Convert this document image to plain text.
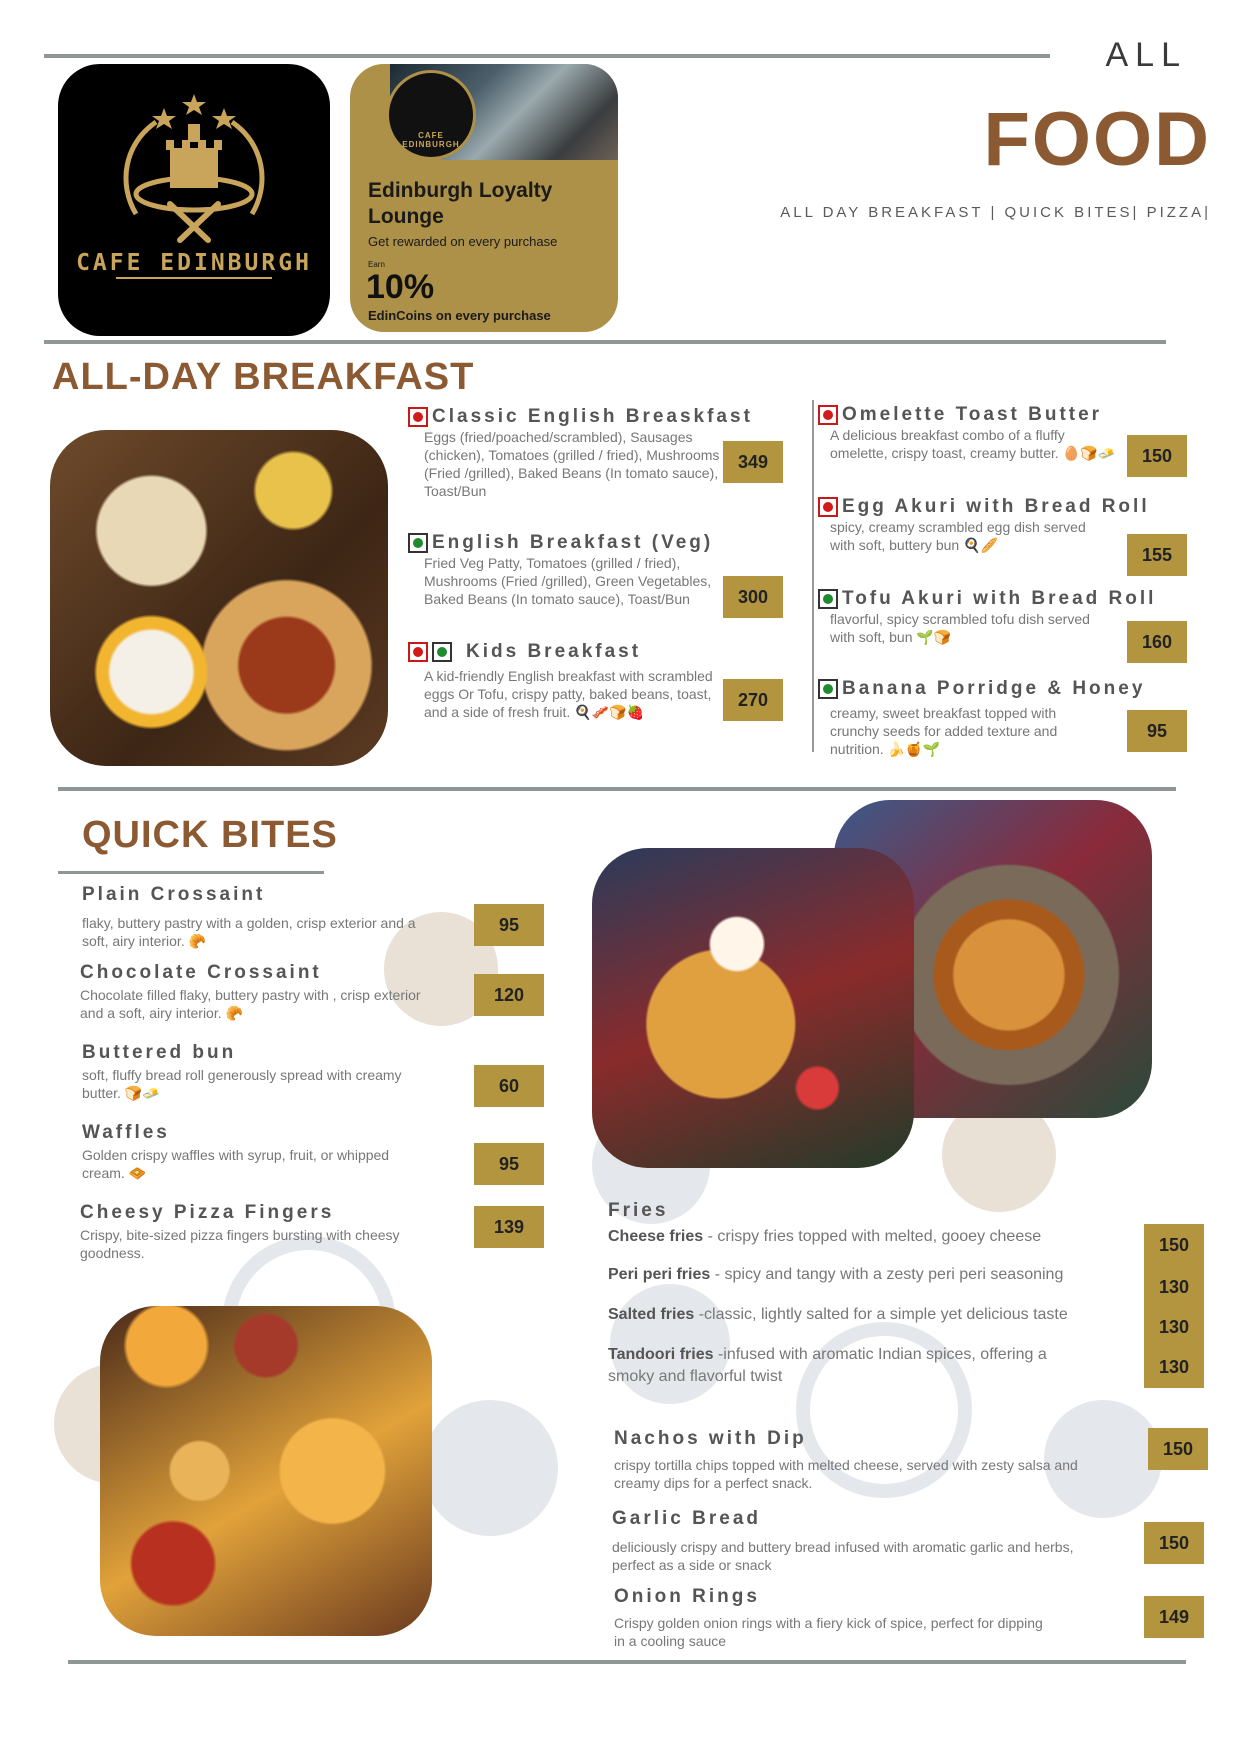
CAFE EDINBURGH
CAFE EDINBURGH
Edinburgh Loyalty Lounge
Get rewarded on every purchase
Earn
10%
EdinCoins on every purchase
ALL
FOOD
ALL DAY BREAKFAST | QUICK BITES| PIZZA|
ALL-DAY BREAKFAST
Classic English Breaskfast
Eggs (fried/poached/scrambled), Sausages (chicken), Tomatoes (grilled / fried), Mushrooms (Fried /grilled), Baked Beans (In tomato sauce), Toast/Bun
349
English Breakfast (Veg)
Fried Veg Patty, Tomatoes (grilled / fried), Mushrooms (Fried /grilled), Green Vegetables, Baked Beans (In tomato sauce), Toast/Bun	300
Kids Breakfast
A kid-friendly English breakfast with scrambled eggs Or Tofu, crispy patty, baked beans, toast, and a side of fresh fruit. 🍳🥓🍞🍓
270
Omelette Toast Butter
A delicious breakfast combo of a fluffy omelette, crispy toast, creamy butter. 🥚🍞🧈	150
Egg Akuri with Bread Roll
spicy, creamy scrambled egg dish served with soft, buttery bun 🍳🥖	155
Tofu Akuri with Bread Roll
flavorful, spicy scrambled tofu dish served with soft, bun 🌱🍞	160
Banana Porridge & Honey
creamy, sweet breakfast topped with crunchy seeds for added texture and nutrition. 🍌🍯🌱
95
QUICK BITES
Plain Crossaint
flaky, buttery pastry with a golden, crisp exterior and a soft, airy interior. 🥐
95
Chocolate Crossaint
Chocolate filled flaky, buttery pastry with , crisp exterior and a soft, airy interior. 🥐
120
Buttered bun
soft, fluffy bread roll generously spread with creamy butter. 🍞🧈	60
Waffles
Golden crispy waffles with syrup, fruit, or whipped cream. 🧇	95
Cheesy Pizza Fingers
Crispy, bite-sized pizza fingers bursting with cheesy goodness.
139
Fries
Cheese fries - crispy fries topped with melted, gooey cheese	150
Peri peri fries - spicy and tangy with a zesty peri peri seasoning
130
Salted fries -classic, lightly salted for a simple yet delicious taste
130
Tandoori fries -infused with aromatic Indian spices, offering a
smoky and flavorful twist	130
Nachos with Dip
crispy tortilla chips topped with melted cheese, served with zesty salsa and creamy dips for a perfect snack.
150
Garlic Bread
deliciously crispy and buttery bread infused with aromatic garlic and herbs, perfect as a side or snack
150
Onion Rings
Crispy golden onion rings with a fiery kick of spice, perfect for dipping in a cooling sauce
149
